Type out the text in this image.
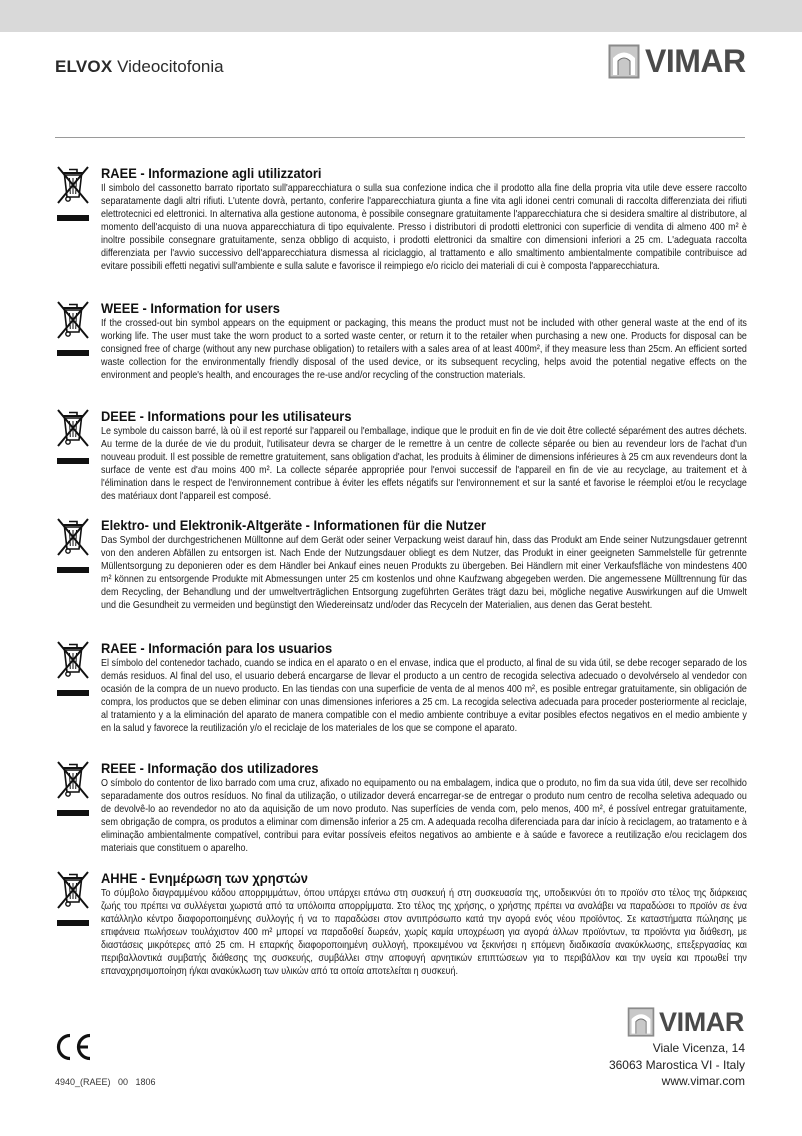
ELVOX Videocitofonia	VIMAR
RAEE - Informazione agli utilizzatori
Il simbolo del cassonetto barrato riportato sull'apparecchiatura o sulla sua confezione indica che il prodotto alla fine della propria vita utile deve essere raccolto separatamente dagli altri rifiuti. L'utente dovrà, pertanto, conferire l'apparecchiatura giunta a fine vita agli idonei centri comunali di raccolta differenziata dei rifiuti elettrotecnici ed elettronici. In alternativa alla gestione autonoma, è possibile consegnare gratuitamente l'apparecchiatura che si desidera smaltire al distributore, al momento dell'acquisto di una nuova apparecchiatura di tipo equivalente. Presso i distributori di prodotti elettronici con superficie di vendita di almeno 400 m² è inoltre possibile consegnare gratuitamente, senza obbligo di acquisto, i prodotti elettronici da smaltire con dimensioni inferiori a 25 cm. L'adeguata raccolta differenziata per l'avvio successivo dell'apparecchiatura dismessa al riciclaggio, al trattamento e allo smaltimento ambientalmente compatibile contribuisce ad evitare possibili effetti negativi sull'ambiente e sulla salute e favorisce il reimpiego e/o riciclo dei materiali di cui è composta l'apparecchiatura.
WEEE - Information for users
If the crossed-out bin symbol appears on the equipment or packaging, this means the product must not be included with other general waste at the end of its working life. The user must take the worn product to a sorted waste center, or return it to the retailer when purchasing a new one. Products for disposal can be consigned free of charge (without any new purchase obligation) to retailers with a sales area of at least 400m², if they measure less than 25cm. An efficient sorted waste collection for the environmentally friendly disposal of the used device, or its subsequent recycling, helps avoid the potential negative effects on the environment and people's health, and encourages the re-use and/or recycling of the construction materials.
DEEE - Informations pour les utilisateurs
Le symbole du caisson barré, là où il est reporté sur l'appareil ou l'emballage, indique que le produit en fin de vie doit être collecté séparément des autres déchets. Au terme de la durée de vie du produit, l'utilisateur devra se charger de le remettre à un centre de collecte séparée ou bien au revendeur lors de l'achat d'un nouveau produit. Il est possible de remettre gratuitement, sans obligation d'achat, les produits à éliminer de dimensions inférieures à 25 cm aux revendeurs dont la surface de vente est d'au moins 400 m². La collecte séparée appropriée pour l'envoi successif de l'appareil en fin de vie au recyclage, au traitement et à l'élimination dans le respect de l'environnement contribue à éviter les effets négatifs sur l'environnement et sur la santé et favorise le réemploi et/ou le recyclage des matériaux dont l'appareil est composé.
Elektro- und Elektronik-Altgeräte - Informationen für die Nutzer
Das Symbol der durchgestrichenen Mülltonne auf dem Gerät oder seiner Verpackung weist darauf hin, dass das Produkt am Ende seiner Nutzungsdauer getrennt von den anderen Abfällen zu entsorgen ist. Nach Ende der Nutzungsdauer obliegt es dem Nutzer, das Produkt in einer geeigneten Sammelstelle für getrennte Müllentsorgung zu deponieren oder es dem Händler bei Ankauf eines neuen Produkts zu übergeben. Bei Händlern mit einer Verkaufsfläche von mindestens 400 m² können zu entsorgende Produkte mit Abmessungen unter 25 cm kostenlos und ohne Kaufzwang abgegeben werden. Die angemessene Mülltrennung für das dem Recycling, der Behandlung und der umweltverträglichen Entsorgung zugeführten Gerätes trägt dazu bei, mögliche negative Auswirkungen auf die Umwelt und die Gesundheit zu vermeiden und begünstigt den Wiedereinsatz und/oder das Recyceln der Materialien, aus denen das Gerat besteht.
RAEE - Información para los usuarios
El símbolo del contenedor tachado, cuando se indica en el aparato o en el envase, indica que el producto, al final de su vida útil, se debe recoger separado de los demás residuos. Al final del uso, el usuario deberá encargarse de llevar el producto a un centro de recogida selectiva adecuado o devolvérselo al vendedor con ocasión de la compra de un nuevo producto. En las tiendas con una superficie de venta de al menos 400 m², es posible entregar gratuitamente, sin obligación de compra, los productos que se deben eliminar con unas dimensiones inferiores a 25 cm. La recogida selectiva adecuada para proceder posteriormente al reciclaje, al tratamiento y a la eliminación del aparato de manera compatible con el medio ambiente contribuye a evitar posibles efectos negativos en el medio ambiente y en la salud y favorece la reutilización y/o el reciclaje de los materiales de los que se compone el aparato.
REEE - Informação dos utilizadores
O símbolo do contentor de lixo barrado com uma cruz, afixado no equipamento ou na embalagem, indica que o produto, no fim da sua vida útil, deve ser recolhido separadamente dos outros resíduos. No final da utilização, o utilizador deverá encarregar-se de entregar o produto num centro de recolha seletiva adequado ou de devolvê-lo ao revendedor no ato da aquisição de um novo produto. Nas superfícies de venda com, pelo menos, 400 m², é possível entregar gratuitamente, sem obrigação de compra, os produtos a eliminar com dimensão inferior a 25 cm. A adequada recolha diferenciada para dar início à reciclagem, ao tratamento e à eliminação ambientalmente compatível, contribui para evitar possíveis efeitos negativos ao ambiente e à saúde e favorece a reutilização e/ou reciclagem dos materiais que constituem o aparelho.
ΑΗΗΕ - Ενημέρωση των χρηστών
Το σύμβολο διαγραμμένου κάδου απορριμμάτων, όπου υπάρχει επάνω στη συσκευή ή στη συσκευασία της, υποδεικνύει ότι το προϊόν στο τέλος της διάρκειας ζωής του πρέπει να συλλέγεται χωριστά από τα υπόλοιπα απορρίμματα. Στο τέλος της χρήσης, ο χρήστης πρέπει να αναλάβει να παραδώσει το προϊόν σε ένα κατάλληλο κέντρο διαφοροποιημένης συλλογής ή να το παραδώσει στον αντιπρόσωπο κατά την αγορά ενός νέου προϊόντος. Σε καταστήματα πώλησης με επιφάνεια πωλήσεων τουλάχιστον 400 m² μπορεί να παραδοθεί δωρεάν, χωρίς καμία υποχρέωση για αγορά άλλων προϊόντων, τα προϊόντα για διάθεση, με διαστάσεις μικρότερες από 25 cm. Η επαρκής διαφοροποιημένη συλλογή, προκειμένου να ξεκινήσει η επόμενη διαδικασία ανακύκλωσης, επεξεργασίας και περιβαλλοντικά συμβατής διάθεσης της συσκευής, συμβάλλει στην αποφυγή αρνητικών επιπτώσεων για το περιβάλλον και την υγεία και προωθεί την επαναχρησιμοποίηση ή/και ανακύκλωση των υλικών από τα οποία αποτελείται η συσκευή.
4940_(RAEE)   00   1806
VIMAR
Viale Vicenza, 14
36063 Marostica VI - Italy
www.vimar.com
